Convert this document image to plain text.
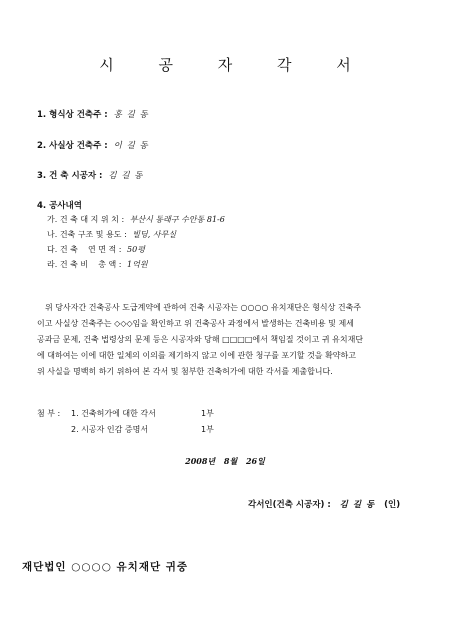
시 공 자 각 서
1. 형식상 건축주 : 홍 길 동
2. 사실상 건축주 : 이 길 동
3. 건 축 시공자 : 김 길 동
4. 공사내역
가. 건 축 대 지 위 치 : 부산시 동래구 수안동 81-6
나. 건축 구조 및 용도 : 빌딩, 사무실
다. 건 축    연 면 적 : 50평
라. 건 축 비    총 액 : 1억원
위 당사자간 건축공사 도급계약에 관하여 건축 시공자는 ○○○○ 유치재단은 형식상 건축주
이고 사실상 건축주는 ◇◇◇임을 확인하고 위 건축공사 과정에서 발생하는 건축비용 및 제세
공과금 문제, 건축 법령상의 문제 등은 시공자와 당해 □□□□에서 책임질 것이고 귀 유치재단
에 대하여는 이에 대한 일체의 이의를 제기하지 않고 이에 관한 청구를 포기할 것을 확약하고
위 사실을 명백히 하기 위하여 본 각서 및 첨부한 건축허가에 대한 각서를 제출합니다.
첨 부 : 1. 건축허가에 대한 각서	1부
2. 시공자 인감 증명서	1부
2008년 8월 26일
각서인(건축 시공자) : 김 길 동 (인)
재단법인 ○○○○ 유치재단 귀중
